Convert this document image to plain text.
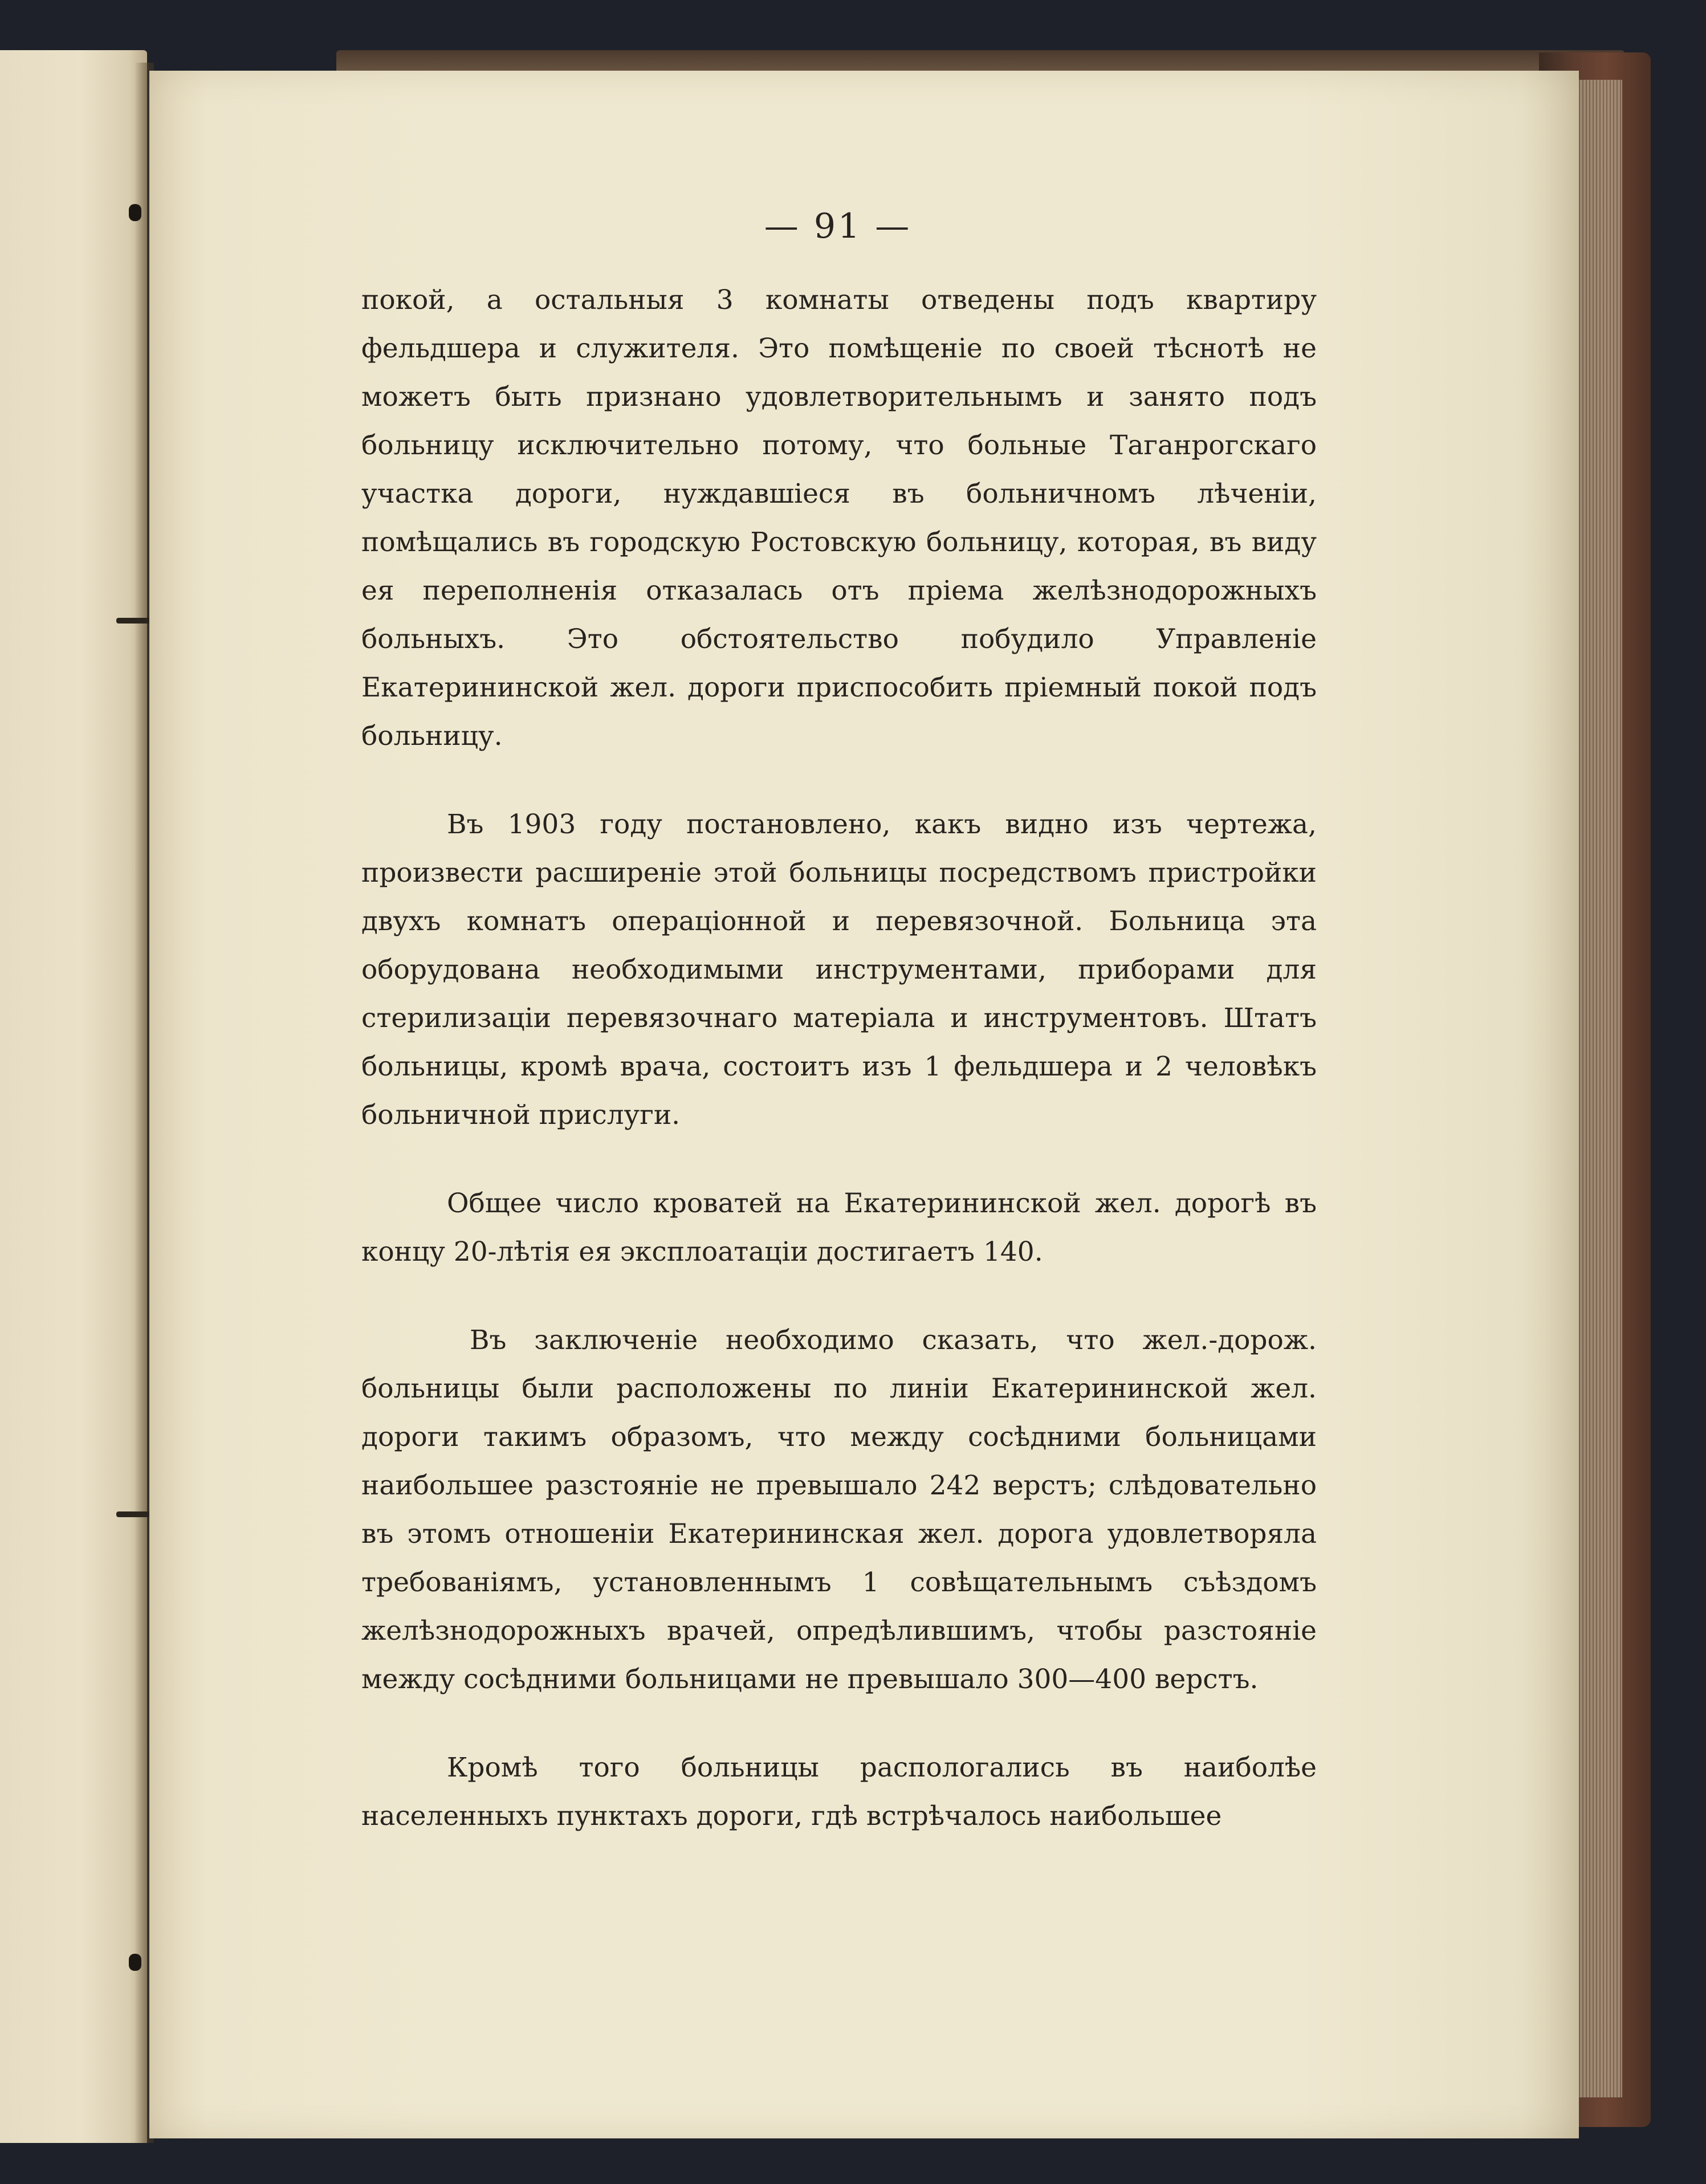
— 91 —

покой, а остальныя 3 комнаты отведены подъ квартиру фельдшера и служителя. Это помѣщеніе по своей тѣснотѣ не можетъ быть признано удовлетворительнымъ и занято подъ больницу исключительно потому, что больные Таганрогскаго участка дороги, нуждавшіеся въ больничномъ лѣченіи, помѣщались въ городскую Ростовскую больницу, которая, въ виду ея переполненія отказалась отъ пріема желѣзнодорожныхъ больныхъ. Это обстоятельство побудило Управленіе Екатерининской жел. дороги приспособить пріемный покой подъ больницу.

Въ 1903 году постановлено, какъ видно изъ чертежа, произвести расширеніе этой больницы посредствомъ пристройки двухъ комнатъ операціонной и перевязочной. Больница эта оборудована необходимыми инструментами, приборами для стерилизаціи перевязочнаго матеріала и инструментовъ. Штатъ больницы, кромѣ врача, состоитъ изъ 1 фельдшера и 2 человѣкъ больничной прислуги.

Общее число кроватей на Екатерининской жел. дорогѣ въ концу 20-лѣтія ея эксплоатаціи достигаетъ 140.

Въ заключеніе необходимо сказать, что жел.-дорож. больницы были расположены по линіи Екатерининской жел. дороги такимъ образомъ, что между сосѣдними больницами наибольшее разстояніе не превышало 242 верстъ; слѣдовательно въ этомъ отношеніи Екатерининская жел. дорога удовлетворяла требованіямъ, установленнымъ 1 совѣщательнымъ съѣздомъ желѣзнодорожныхъ врачей, опредѣлившимъ, чтобы разстояніе между сосѣдними больницами не превышало 300—400 верстъ.

Кромѣ того больницы распологались въ наиболѣе населенныхъ пунктахъ дороги, гдѣ встрѣчалось наибольшее
